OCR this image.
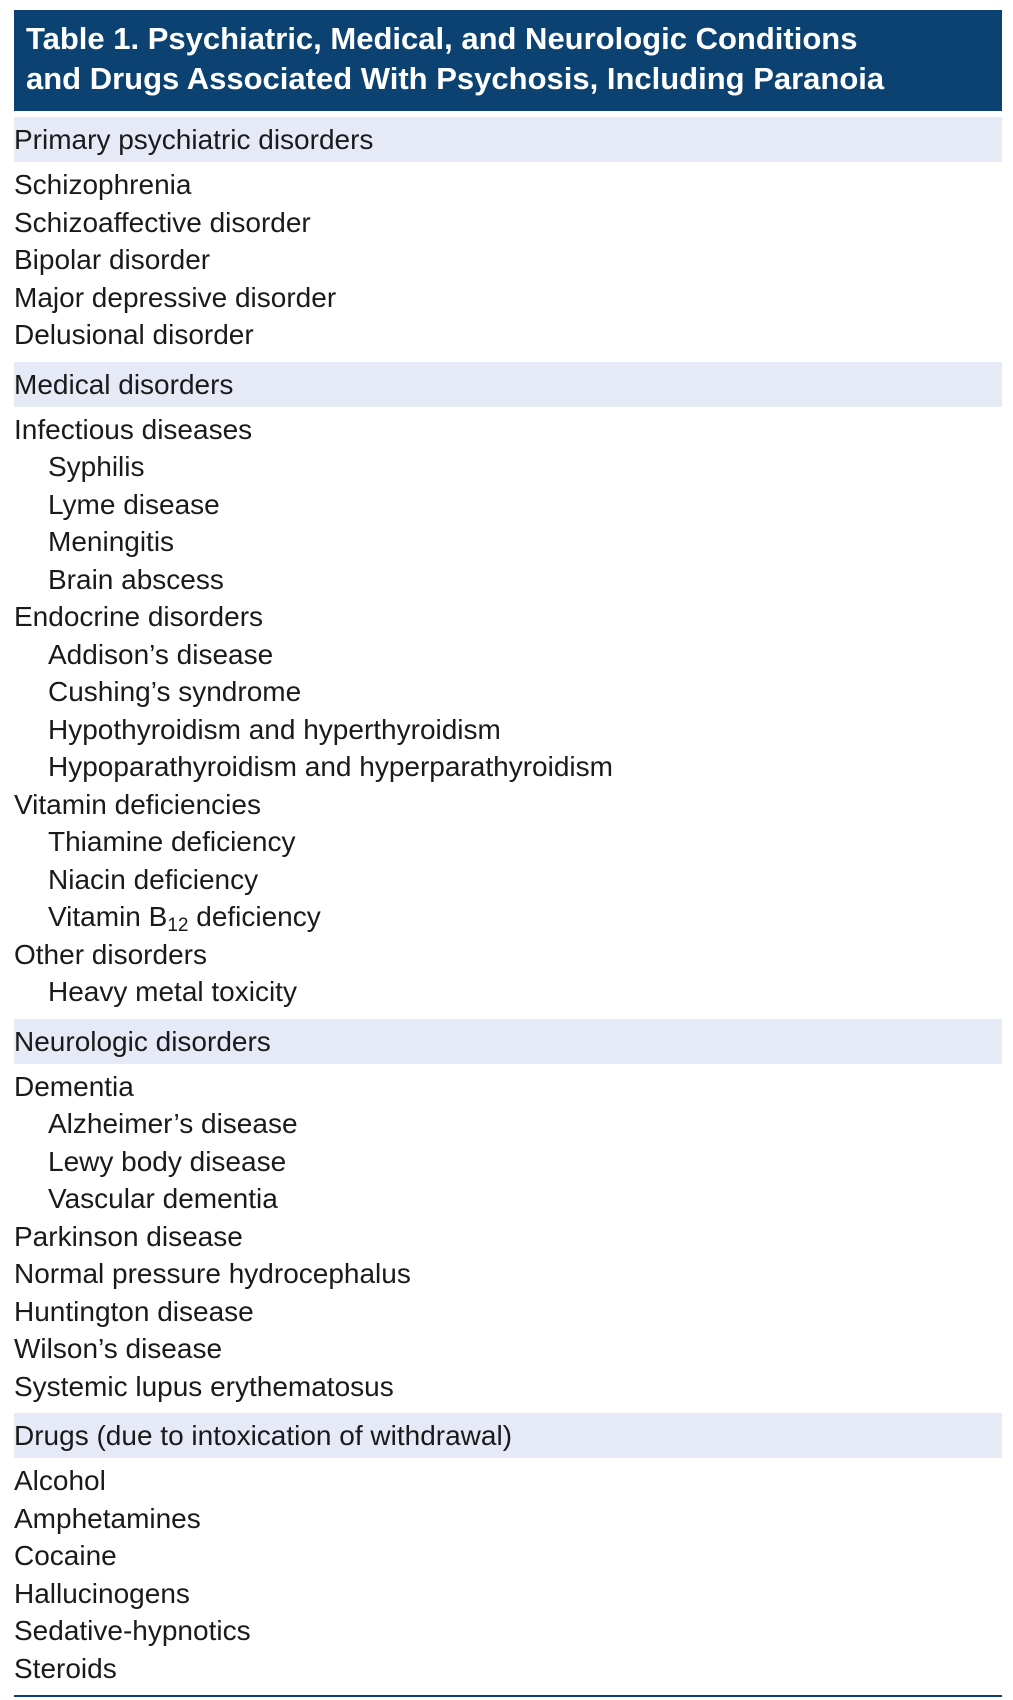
Table 1. Psychiatric, Medical, and Neurologic Conditions
and Drugs Associated With Psychosis, Including Paranoia
Primary psychiatric disorders
Schizophrenia
Schizoaffective disorder
Bipolar disorder
Major depressive disorder
Delusional disorder
Medical disorders
Infectious diseases
Syphilis
Lyme disease
Meningitis
Brain abscess
Endocrine disorders
Addison’s disease
Cushing’s syndrome
Hypothyroidism and hyperthyroidism
Hypoparathyroidism and hyperparathyroidism
Vitamin deficiencies
Thiamine deficiency
Niacin deficiency
Vitamin $B_{12}$ deficiency
Other disorders
Heavy metal toxicity
Neurologic disorders
Dementia
Alzheimer’s disease
Lewy body disease
Vascular dementia
Parkinson disease
Normal pressure hydrocephalus
Huntington disease
Wilson’s disease
Systemic lupus erythematosus
Drugs (due to intoxication of withdrawal)
Alcohol
Amphetamines
Cocaine
Hallucinogens
Sedative-hypnotics
Steroids
